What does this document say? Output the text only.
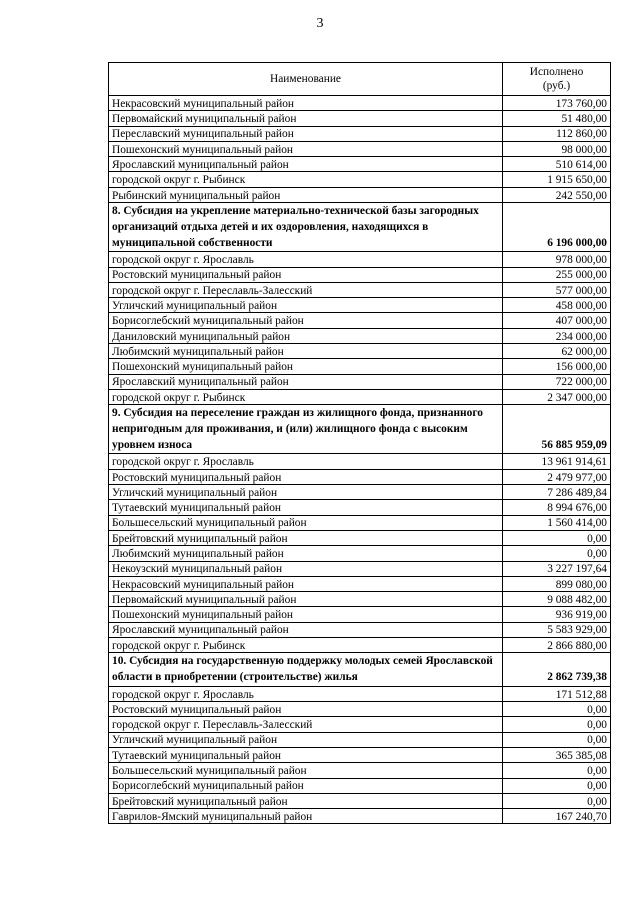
3
Наименование	Исполнено
(руб.)
Некрасовский муниципальный район	173 760,00
Первомайский муниципальный район	51 480,00
Переславский муниципальный район	112 860,00
Пошехонский муниципальный район	98 000,00
Ярославский муниципальный район	510 614,00
городской округ г. Рыбинск	1 915 650,00
Рыбинский муниципальный район	242 550,00
8. Субсидия на укрепление материально-технической базы загородных организаций отдыха детей и их оздоровления, находящихся в муниципальной собственности	6 196 000,00
городской округ г. Ярославль	978 000,00
Ростовский муниципальный район	255 000,00
городской округ г. Переславль-Залесский	577 000,00
Угличский муниципальный район	458 000,00
Борисоглебский муниципальный район	407 000,00
Даниловский муниципальный район	234 000,00
Любимский муниципальный район	62 000,00
Пошехонский муниципальный район	156 000,00
Ярославский муниципальный район	722 000,00
городской округ г. Рыбинск	2 347 000,00
9. Субсидия на переселение граждан из жилищного фонда, признанного непригодным для проживания, и (или) жилищного фонда с высоким уровнем износа	56 885 959,09
городской округ г. Ярославль	13 961 914,61
Ростовский муниципальный район	2 479 977,00
Угличский муниципальный район	7 286 489,84
Тутаевский муниципальный район	8 994 676,00
Большесельский муниципальный район	1 560 414,00
Брейтовский муниципальный район	0,00
Любимский муниципальный район	0,00
Некоузский муниципальный район	3 227 197,64
Некрасовский муниципальный район	899 080,00
Первомайский муниципальный район	9 088 482,00
Пошехонский муниципальный район	936 919,00
Ярославский муниципальный район	5 583 929,00
городской округ г. Рыбинск	2 866 880,00
10. Субсидия на государственную поддержку молодых семей Ярославской области в приобретении (строительстве) жилья	2 862 739,38
городской округ г. Ярославль	171 512,88
Ростовский муниципальный район	0,00
городской округ г. Переславль-Залесский	0,00
Угличский муниципальный район	0,00
Тутаевский муниципальный район	365 385,08
Большесельский муниципальный район	0,00
Борисоглебский муниципальный район	0,00
Брейтовский муниципальный район	0,00
Гаврилов-Ямский муниципальный район	167 240,70
